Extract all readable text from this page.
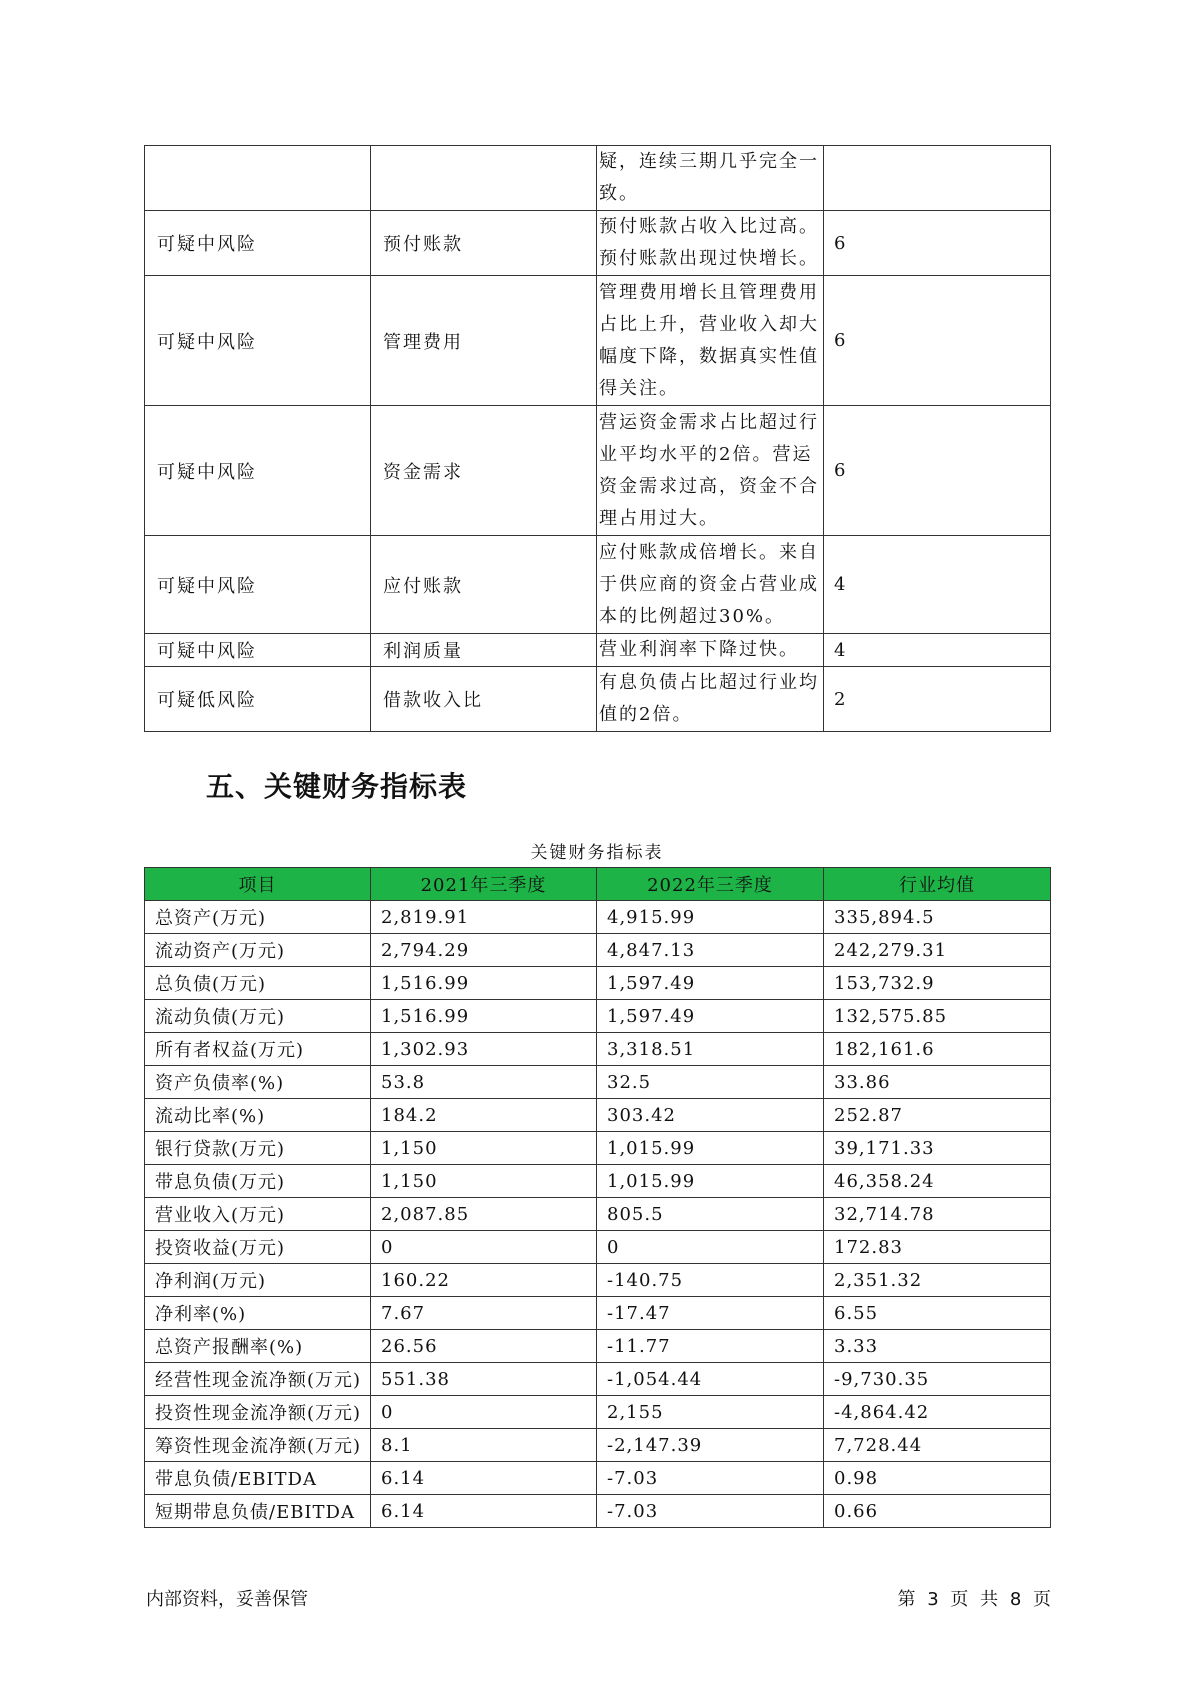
		疑，连续三期几乎完全一致。	
可疑中风险	预付账款	预付账款占收入比过高。预付账款出现过快增长。	6
可疑中风险	管理费用	管理费用增长且管理费用占比上升，营业收入却大幅度下降，数据真实性值得关注。	6
可疑中风险	资金需求	营运资金需求占比超过行业平均水平的2倍。营运资金需求过高，资金不合理占用过大。	6
可疑中风险	应付账款	应付账款成倍增长。来自于供应商的资金占营业成本的比例超过30%。	4
可疑中风险	利润质量	营业利润率下降过快。	4
可疑低风险	借款收入比	有息负债占比超过行业均值的2倍。	2
五、关键财务指标表
关键财务指标表
项目	2021年三季度	2022年三季度	行业均值
总资产(万元)	2,819.91	4,915.99	335,894.5
流动资产(万元)	2,794.29	4,847.13	242,279.31
总负债(万元)	1,516.99	1,597.49	153,732.9
流动负债(万元)	1,516.99	1,597.49	132,575.85
所有者权益(万元)	1,302.93	3,318.51	182,161.6
资产负债率(%)	53.8	32.5	33.86
流动比率(%)	184.2	303.42	252.87
银行贷款(万元)	1,150	1,015.99	39,171.33
带息负债(万元)	1,150	1,015.99	46,358.24
营业收入(万元)	2,087.85	805.5	32,714.78
投资收益(万元)	0	0	172.83
净利润(万元)	160.22	-140.75	2,351.32
净利率(%)	7.67	-17.47	6.55
总资产报酬率(%)	26.56	-11.77	3.33
经营性现金流净额(万元)	551.38	-1,054.44	-9,730.35
投资性现金流净额(万元)	0	2,155	-4,864.42
筹资性现金流净额(万元)	8.1	-2,147.39	7,728.44
带息负债/EBITDA	6.14	-7.03	0.98
短期带息负债/EBITDA	6.14	-7.03	0.66
内部资料，妥善保管	第 3 页 共 8 页
